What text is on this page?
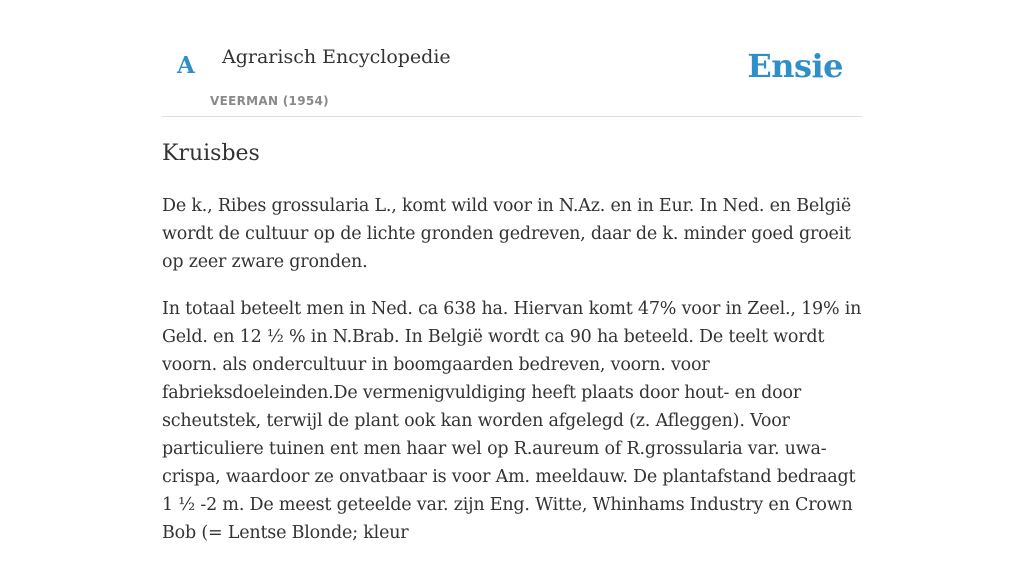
A Agrarisch Encyclopedie
VEERMAN (1954)
Ensie
Kruisbes

De k., Ribes grossularia L., komt wild voor in N.Az. en in Eur. In Ned. en België wordt de cultuur op de lichte gronden gedreven, daar de k. minder goed groeit op zeer zware gronden.

In totaal beteelt men in Ned. ca 638 ha. Hiervan komt 47% voor in Zeel., 19% in Geld. en 12 ½ % in N.Brab. In België wordt ca 90 ha beteeld. De teelt wordt voorn. als ondercultuur in boomgaarden bedreven, voorn. voor fabrieksdoeleinden.De vermenigvuldiging heeft plaats door hout- en door scheutstek, terwijl de plant ook kan worden afgelegd (z. Afleggen). Voor particuliere tuinen ent men haar wel op R.aureum of R.grossularia var. uwa-crispa, waardoor ze onvatbaar is voor Am. meeldauw. De plantafstand bedraagt 1 ½ -2 m. De meest geteelde var. zijn Eng. Witte, Whinhams Industry en Crown Bob (= Lentse Blonde; kleur
